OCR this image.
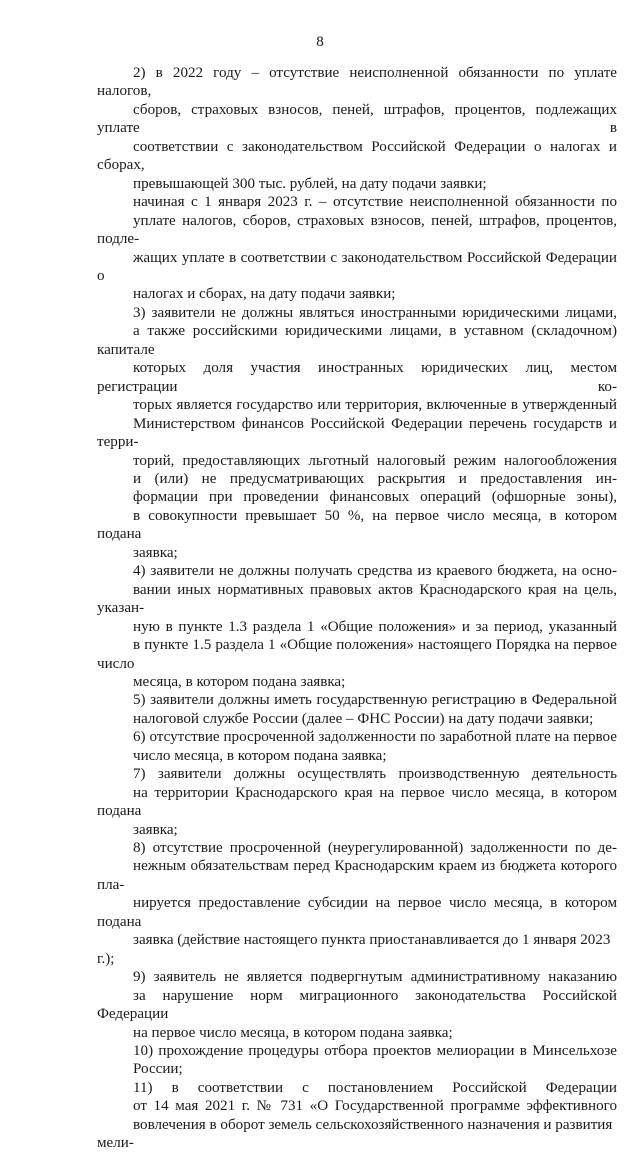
8
2) в 2022 году – отсутствие неисполненной обязанности по уплате налогов,
сборов, страховых взносов, пеней, штрафов, процентов, подлежащих уплате в
соответствии с законодательством Российской Федерации о налогах и сборах,
превышающей 300 тыс. рублей, на дату подачи заявки;
начиная с 1 января 2023 г. – отсутствие неисполненной обязанности по
уплате налогов, сборов, страховых взносов, пеней, штрафов, процентов, подле-
жащих уплате в соответствии с законодательством Российской Федерации о
налогах и сборах, на дату подачи заявки;
3) заявители не должны являться иностранными юридическими лицами,
а также российскими юридическими лицами, в уставном (складочном) капитале
которых доля участия иностранных юридических лиц, местом регистрации ко-
торых является государство или территория, включенные в утвержденный
Министерством финансов Российской Федерации перечень государств и терри-
торий, предоставляющих льготный налоговый режим налогообложения
и (или) не предусматривающих раскрытия и предоставления ин-
формации при проведении финансовых операций (офшорные зоны),
в совокупности превышает 50 %, на первое число месяца, в котором подана
заявка;
4) заявители не должны получать средства из краевого бюджета, на осно-
вании иных нормативных правовых актов Краснодарского края на цель, указан-
ную в пункте 1.3 раздела 1 «Общие положения» и за период, указанный
в пункте 1.5 раздела 1 «Общие положения» настоящего Порядка на первое число
месяца, в котором подана заявка;
5) заявители должны иметь государственную регистрацию в Федеральной
налоговой службе России (далее – ФНС России) на дату подачи заявки;
6) отсутствие просроченной задолженности по заработной плате на первое
число месяца, в котором подана заявка;
7) заявители должны осуществлять производственную деятельность
на территории Краснодарского края на первое число месяца, в котором подана
заявка;
8) отсутствие просроченной (неурегулированной) задолженности по де-
нежным обязательствам перед Краснодарским краем из бюджета которого пла-
нируется предоставление субсидии на первое число месяца, в котором подана
заявка (действие настоящего пункта приостанавливается до 1 января 2023 г.);
9) заявитель не является подвергнутым административному наказанию
за нарушение норм миграционного законодательства Российской Федерации
на первое число месяца, в котором подана заявка;
10) прохождение процедуры отбора проектов мелиорации в Минсельхозе
России;
11) в соответствии с постановлением Российской Федерации
от 14 мая 2021 г. № 731 «О Государственной программе эффективного
вовлечения в оборот земель сельскохозяйственного назначения и развития мели-
